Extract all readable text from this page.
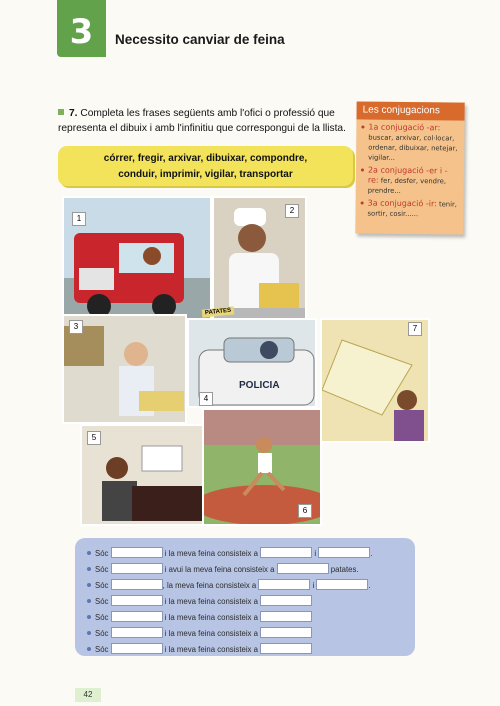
3	Necessito canviar de feina
7. Completa les frases següents amb l'ofici o professió que representa el dibuix i amb l'infinitiu que correspongui de la llista.
córrer, fregir, arxivar, dibuixar, compondre,
conduir, imprimir, vigilar, transportar
Les conjugacions
1a conjugació -ar: buscar, arxivar, col·locar, ordenar, dibuixar, netejar, vigilar...
2a conjugació -er i -re: fer, desfer, vendre, prendre...
3a conjugació -ir: tenir, sortir, cosir......
1
2
3
POLICIA
4
7
5
6
PATATES
Sóc	i la meva feina consisteix a	i	.
Sóc	i avui la meva feina consisteix a	patates.
Sóc	, la meva feina consisteix a	i	.
Sóc	i la meva feina consisteix a
Sóc	i la meva feina consisteix a
Sóc	i la meva feina consisteix a
Sóc	i la meva feina consisteix a
42
